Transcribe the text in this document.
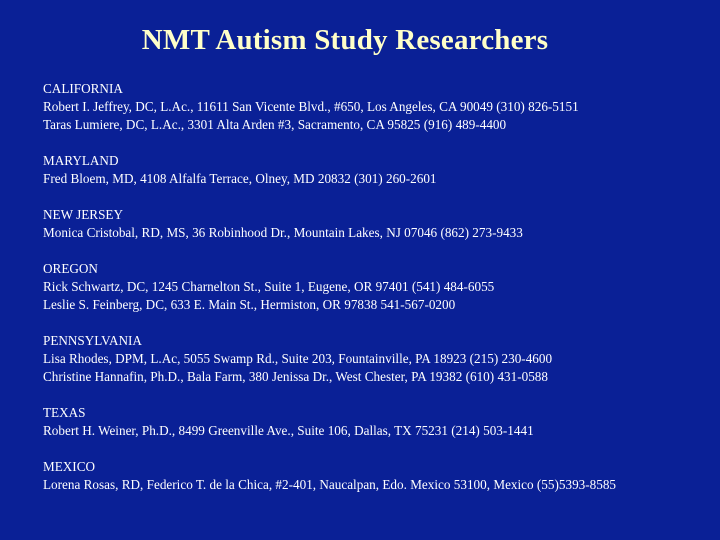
NMT Autism Study Researchers
CALIFORNIA
Robert I. Jeffrey, DC, L.Ac., 11611 San Vicente Blvd., #650, Los Angeles, CA 90049 (310) 826-5151
Taras Lumiere, DC, L.Ac., 3301 Alta Arden #3, Sacramento, CA 95825 (916) 489-4400
MARYLAND
Fred Bloem, MD, 4108 Alfalfa Terrace, Olney, MD 20832 (301) 260-2601
NEW JERSEY
Monica Cristobal, RD, MS, 36 Robinhood Dr., Mountain Lakes, NJ 07046 (862) 273-9433
OREGON
Rick Schwartz, DC, 1245 Charnelton St., Suite 1, Eugene, OR 97401 (541) 484-6055
Leslie S. Feinberg, DC, 633 E. Main St., Hermiston, OR 97838 541-567-0200
PENNSYLVANIA
Lisa Rhodes, DPM, L.Ac, 5055 Swamp Rd., Suite 203, Fountainville, PA 18923 (215) 230-4600
Christine Hannafin, Ph.D., Bala Farm, 380 Jenissa Dr., West Chester, PA 19382 (610) 431-0588
TEXAS
Robert H. Weiner, Ph.D., 8499 Greenville Ave., Suite 106, Dallas, TX 75231 (214) 503-1441
MEXICO
Lorena Rosas, RD, Federico T. de la Chica, #2-401, Naucalpan, Edo. Mexico 53100, Mexico (55)5393-8585
